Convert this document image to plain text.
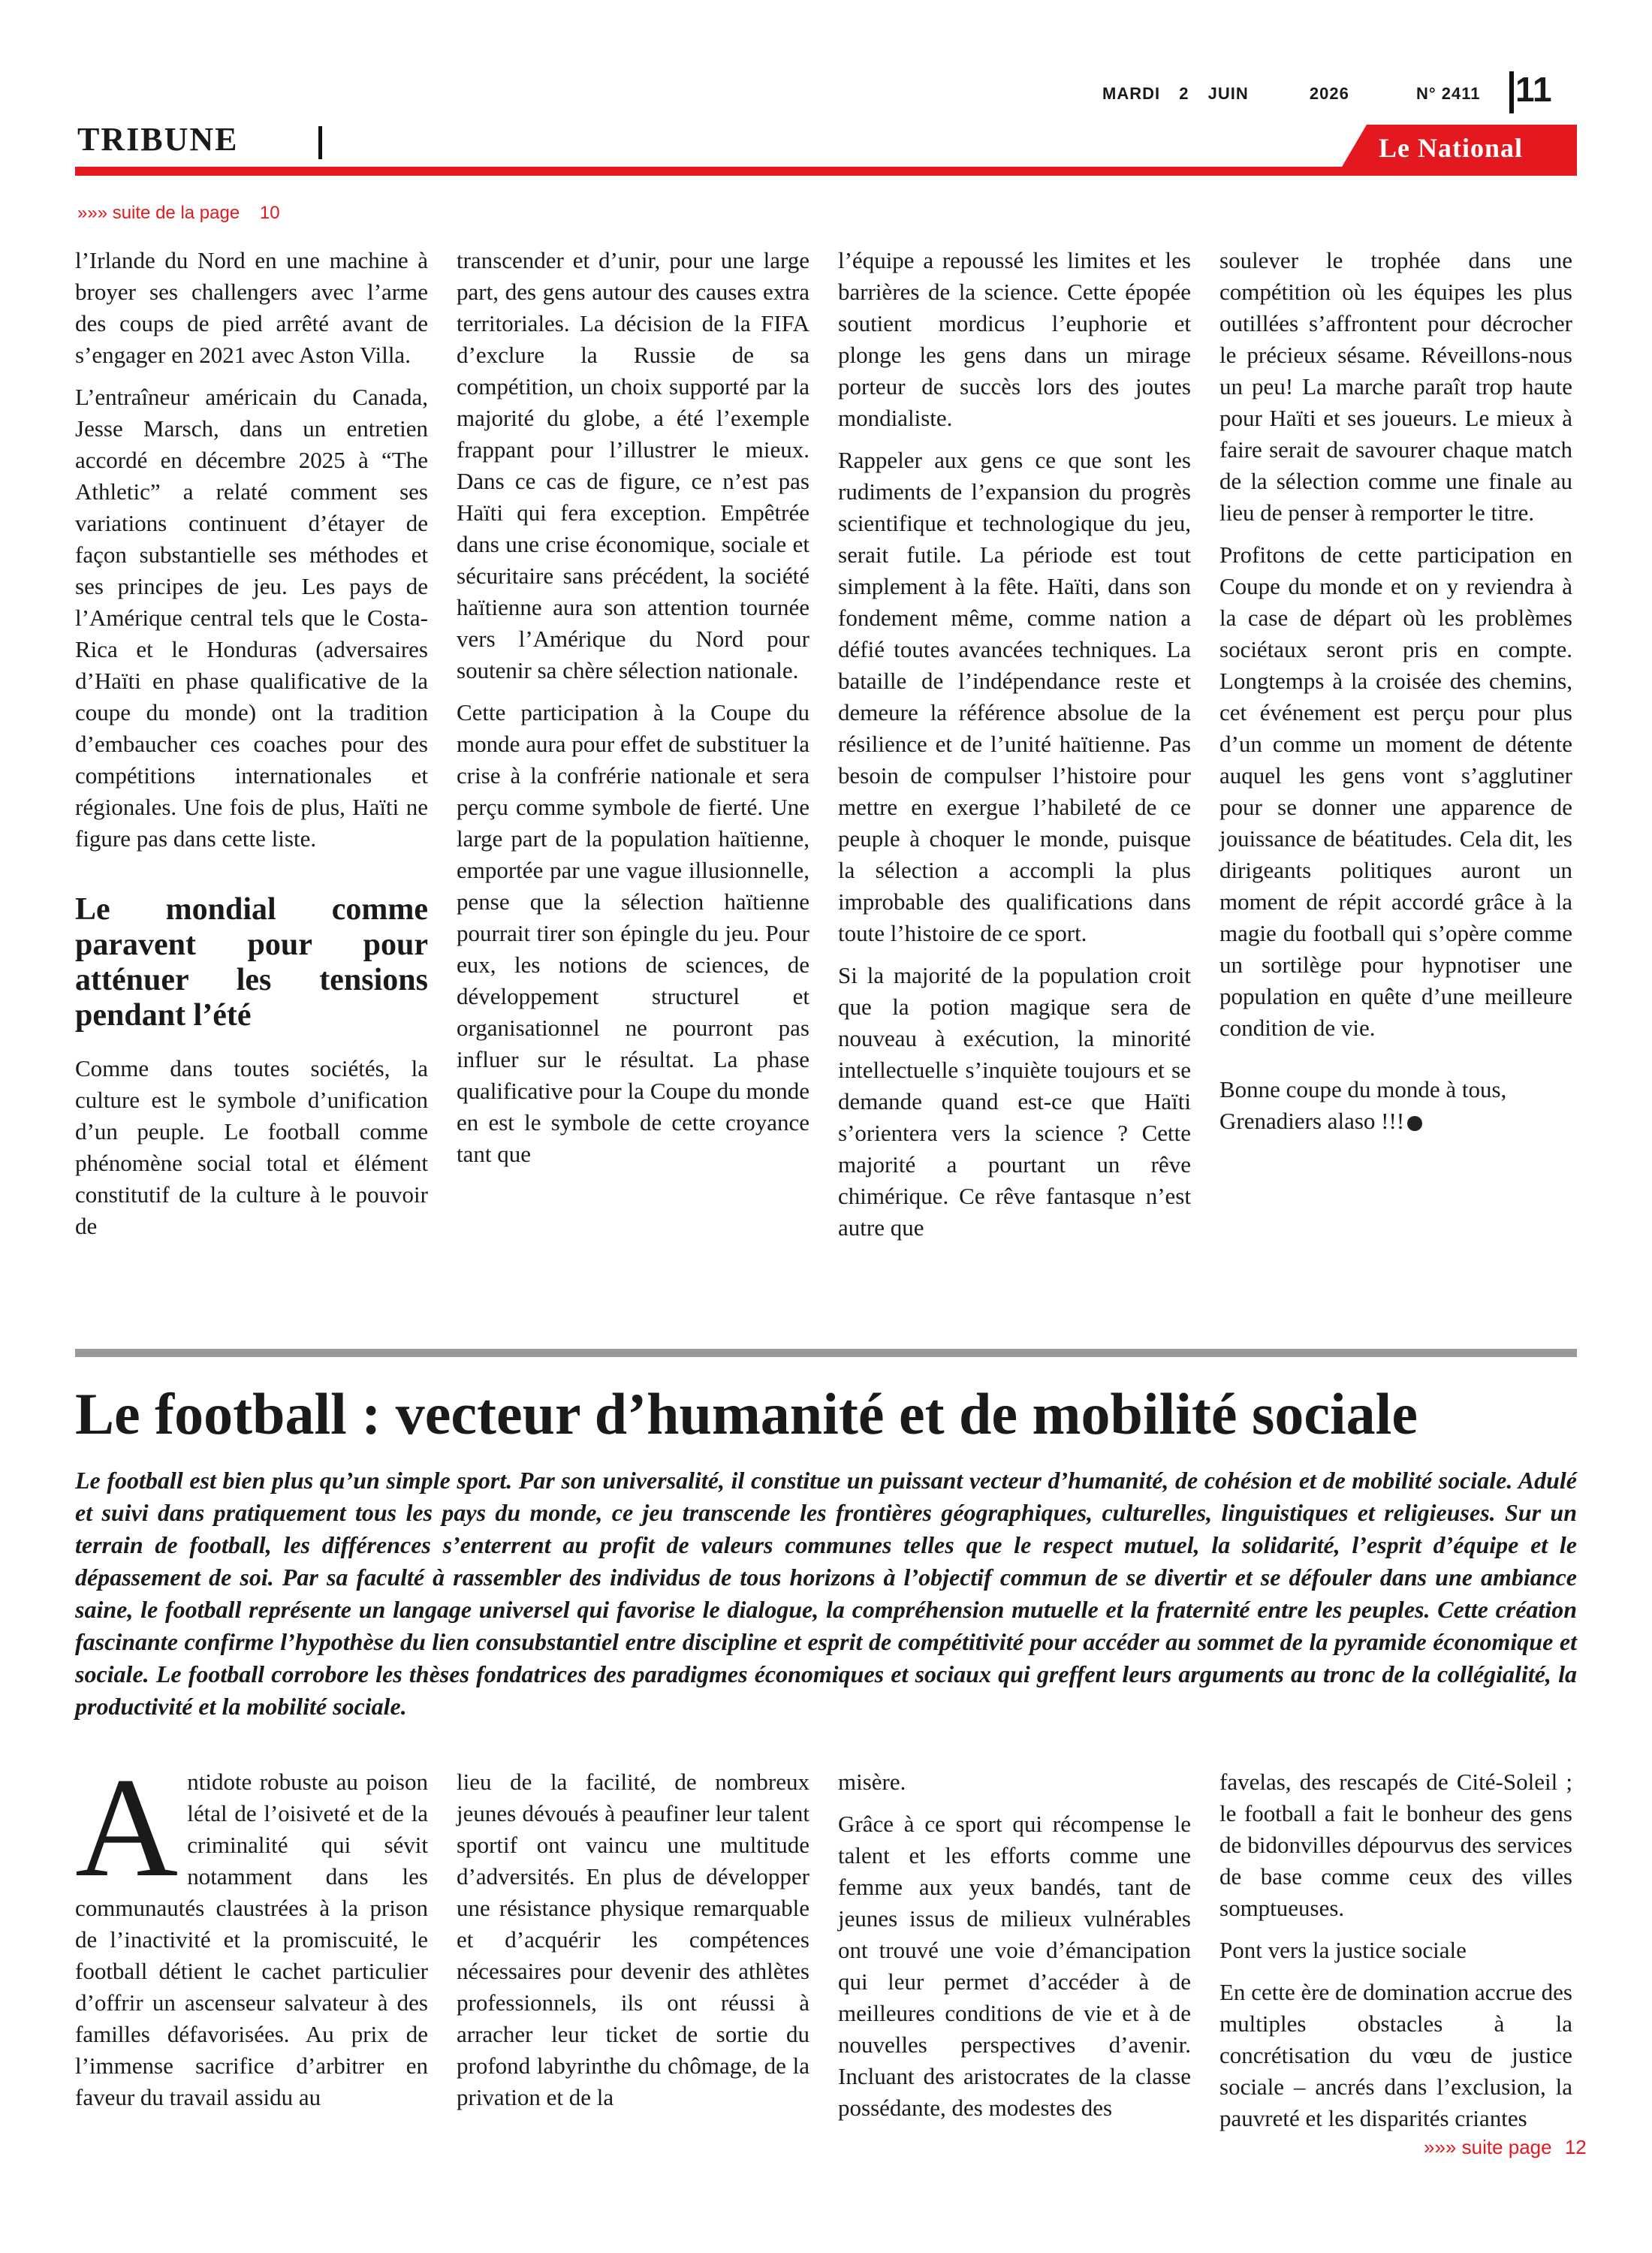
MARDI 2 JUIN	2026	N° 2411 11
TRIBUNE	Le National
»»» suite de la page 10

l’Irlande du Nord en une machine à broyer ses challengers avec l’arme des coups de pied arrêté avant de s’engager en 2021 avec Aston Villa.

L’entraîneur américain du Canada, Jesse Marsch, dans un entretien accordé en décembre 2025 à “The Athletic” a relaté comment ses variations continuent d’étayer de façon substantielle ses méthodes et ses principes de jeu. Les pays de l’Amérique central tels que le Costa-Rica et le Honduras (adversaires d’Haïti en phase qualificative de la coupe du monde) ont la tradition d’embaucher ces coaches pour des compétitions internationales et régionales. Une fois de plus, Haïti ne figure pas dans cette liste.

Le mondial comme paravent pour pour atténuer les tensions pendant l’été

Comme dans toutes sociétés, la culture est le symbole d’unification d’un peuple. Le football comme phénomène social total et élément constitutif de la culture à le pouvoir de

transcender et d’unir, pour une large part, des gens autour des causes extra territoriales. La décision de la FIFA d’exclure la Russie de sa compétition, un choix supporté par la majorité du globe, a été l’exemple frappant pour l’illustrer le mieux. Dans ce cas de figure, ce n’est pas Haïti qui fera exception. Empêtrée dans une crise économique, sociale et sécuritaire sans précédent, la société haïtienne aura son attention tournée vers l’Amérique du Nord pour soutenir sa chère sélection nationale.

Cette participation à la Coupe du monde aura pour effet de substituer la crise à la confrérie nationale et sera perçu comme symbole de fierté. Une large part de la population haïtienne, emportée par une vague illusionnelle, pense que la sélection haïtienne pourrait tirer son épingle du jeu. Pour eux, les notions de sciences, de développement structurel et organisationnel ne pourront pas influer sur le résultat. La phase qualificative pour la Coupe du monde en est le symbole de cette croyance tant que

l’équipe a repoussé les limites et les barrières de la science. Cette épopée soutient mordicus l’euphorie et plonge les gens dans un mirage porteur de succès lors des joutes mondialiste.

Rappeler aux gens ce que sont les rudiments de l’expansion du progrès scientifique et technologique du jeu, serait futile. La période est tout simplement à la fête. Haïti, dans son fondement même, comme nation a défié toutes avancées techniques. La bataille de l’indépendance reste et demeure la référence absolue de la résilience et de l’unité haïtienne. Pas besoin de compulser l’histoire pour mettre en exergue l’habileté de ce peuple à choquer le monde, puisque la sélection a accompli la plus improbable des qualifications dans toute l’histoire de ce sport.

Si la majorité de la population croit que la potion magique sera de nouveau à exécution, la minorité intellectuelle s’inquiète toujours et se demande quand est-ce que Haïti s’orientera vers la science ? Cette majorité a pourtant un rêve chimérique. Ce rêve fantasque n’est autre que

soulever le trophée dans une compétition où les équipes les plus outillées s’affrontent pour décrocher le précieux sésame. Réveillons-nous un peu! La marche paraît trop haute pour Haïti et ses joueurs. Le mieux à faire serait de savourer chaque match de la sélection comme une finale au lieu de penser à remporter le titre.

Profitons de cette participation en Coupe du monde et on y reviendra à la case de départ où les problèmes sociétaux seront pris en compte. Longtemps à la croisée des chemins, cet événement est perçu pour plus d’un comme un moment de détente auquel les gens vont s’agglutiner pour se donner une apparence de jouissance de béatitudes. Cela dit, les dirigeants politiques auront un moment de répit accordé grâce à la magie du football qui s’opère comme un sortilège pour hypnotiser une population en quête d’une meilleure condition de vie.

Bonne coupe du monde à tous, Grenadiers alaso !!!

Le football : vecteur d’humanité et de mobilité sociale
Le football est bien plus qu’un simple sport. Par son universalité, il constitue un puissant vecteur d’humanité, de cohésion et de mobilité sociale. Adulé et suivi dans pratiquement tous les pays du monde, ce jeu transcende les frontières géographiques, culturelles, linguistiques et religieuses. Sur un terrain de football, les différences s’enterrent au profit de valeurs communes telles que le respect mutuel, la solidarité, l’esprit d’équipe et le dépassement de soi. Par sa faculté à rassembler des individus de tous horizons à l’objectif commun de se divertir et se défouler dans une ambiance saine, le football représente un langage universel qui favorise le dialogue, la compréhension mutuelle et la fraternité entre les peuples. Cette création fascinante confirme l’hypothèse du lien consubstantiel entre discipline et esprit de compétitivité pour accéder au sommet de la pyramide économique et sociale. Le football corrobore les thèses fondatrices des paradigmes économiques et sociaux qui greffent leurs arguments au tronc de la collégialité, la productivité et la mobilité sociale.

Antidote robuste au poison létal de l’oisiveté et de la criminalité qui sévit notamment dans les communautés claustrées à la prison de l’inactivité et la promiscuité, le football détient le cachet particulier d’offrir un ascenseur salvateur à des familles défavorisées. Au prix de l’immense sacrifice d’arbitrer en faveur du travail assidu au

lieu de la facilité, de nombreux jeunes dévoués à peaufiner leur talent sportif ont vaincu une multitude d’adversités. En plus de développer une résistance physique remarquable et d’acquérir les compétences nécessaires pour devenir des athlètes professionnels, ils ont réussi à arracher leur ticket de sortie du profond labyrinthe du chômage, de la privation et de la

misère.

Grâce à ce sport qui récompense le talent et les efforts comme une femme aux yeux bandés, tant de jeunes issus de milieux vulnérables ont trouvé une voie d’émancipation qui leur permet d’accéder à de meilleures conditions de vie et à de nouvelles perspectives d’avenir. Incluant des aristocrates de la classe possédante, des modestes des

favelas, des rescapés de Cité-Soleil ; le football a fait le bonheur des gens de bidonvilles dépourvus des services de base comme ceux des villes somptueuses.

Pont vers la justice sociale

En cette ère de domination accrue des multiples obstacles à la concrétisation du vœu de justice sociale – ancrés dans l’exclusion, la pauvreté et les disparités criantes

»»» suite page 12
